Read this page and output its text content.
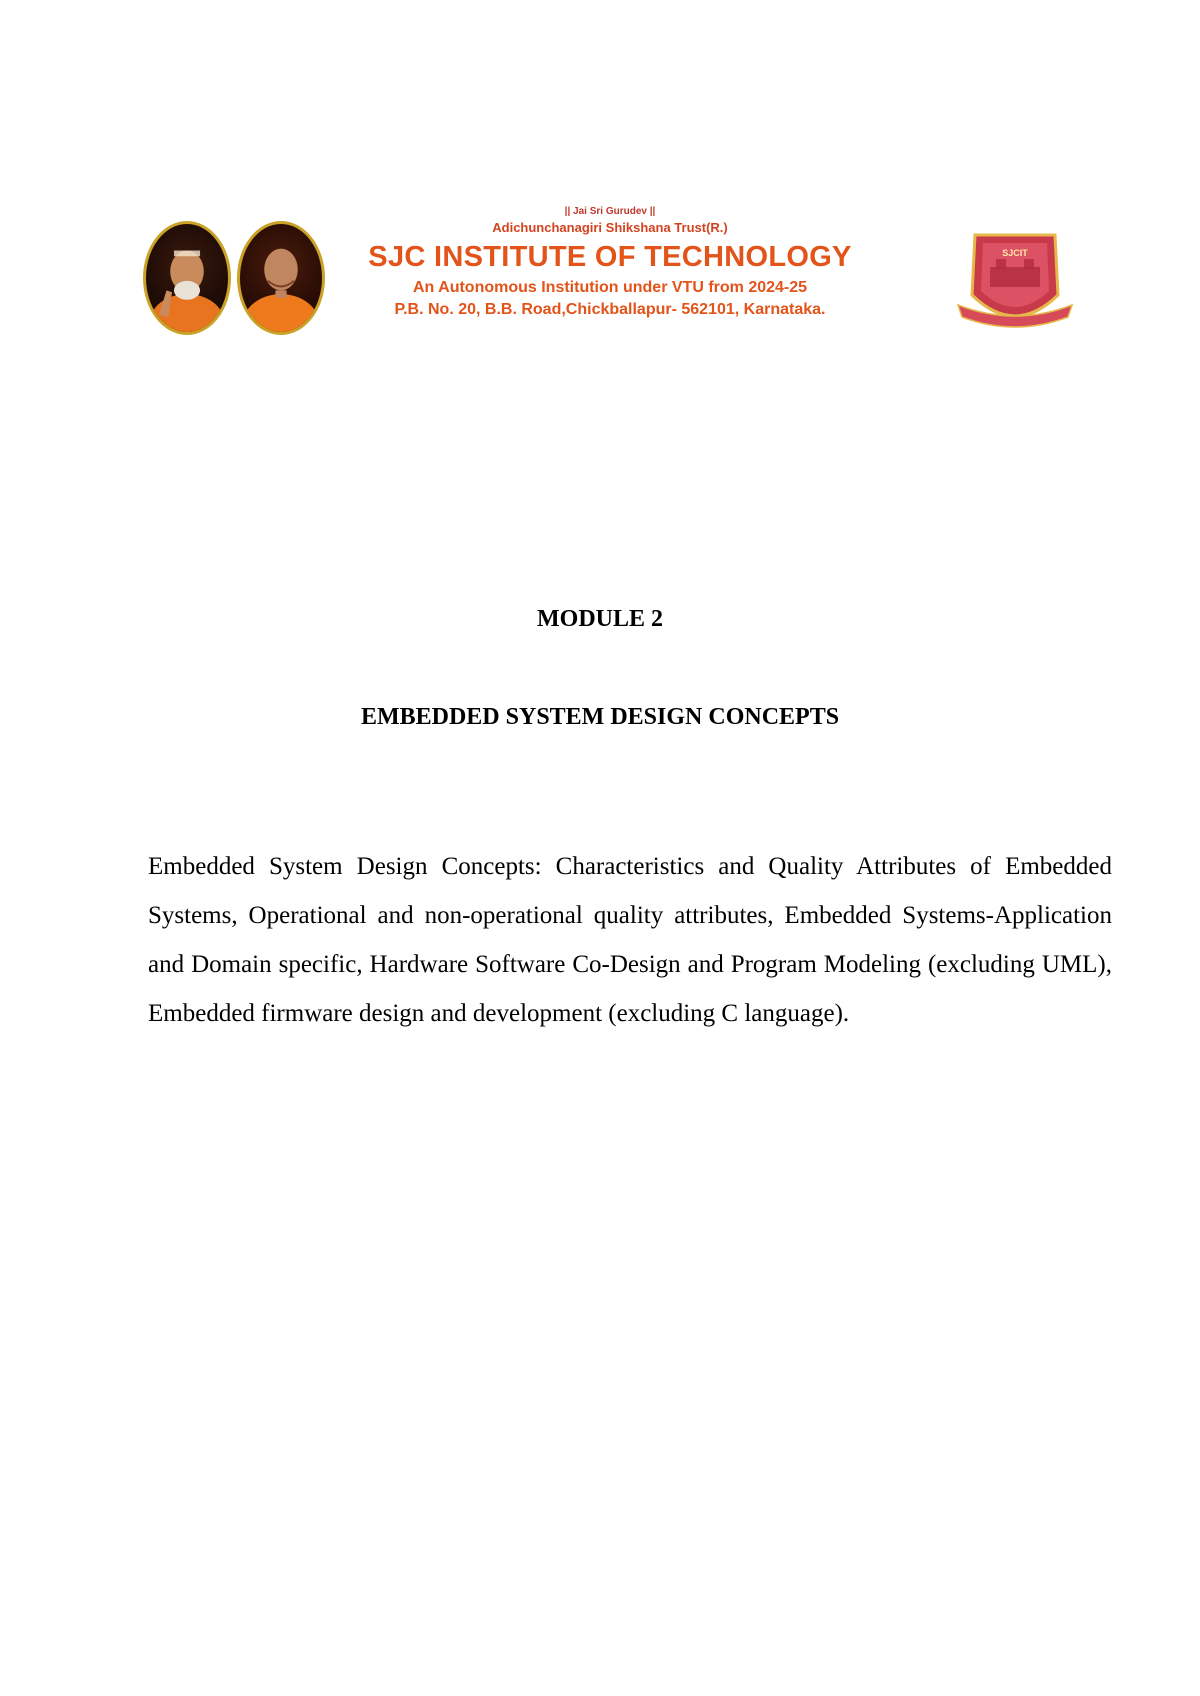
|| Jai Sri Gurudev ||
Adichunchanagiri Shikshana Trust(R.)
SJC INSTITUTE OF TECHNOLOGY
An Autonomous Institution under VTU from 2024-25
P.B. No. 20, B.B. Road,Chickballapur- 562101, Karnataka.
SJCIT
MODULE 2
EMBEDDED SYSTEM DESIGN CONCEPTS

Embedded System Design Concepts: Characteristics and Quality Attributes of Embedded Systems, Operational and non-operational quality attributes, Embedded Systems-Application and Domain specific, Hardware Software Co-Design and Program Modeling (excluding UML), Embedded firmware design and development (excluding C language).
